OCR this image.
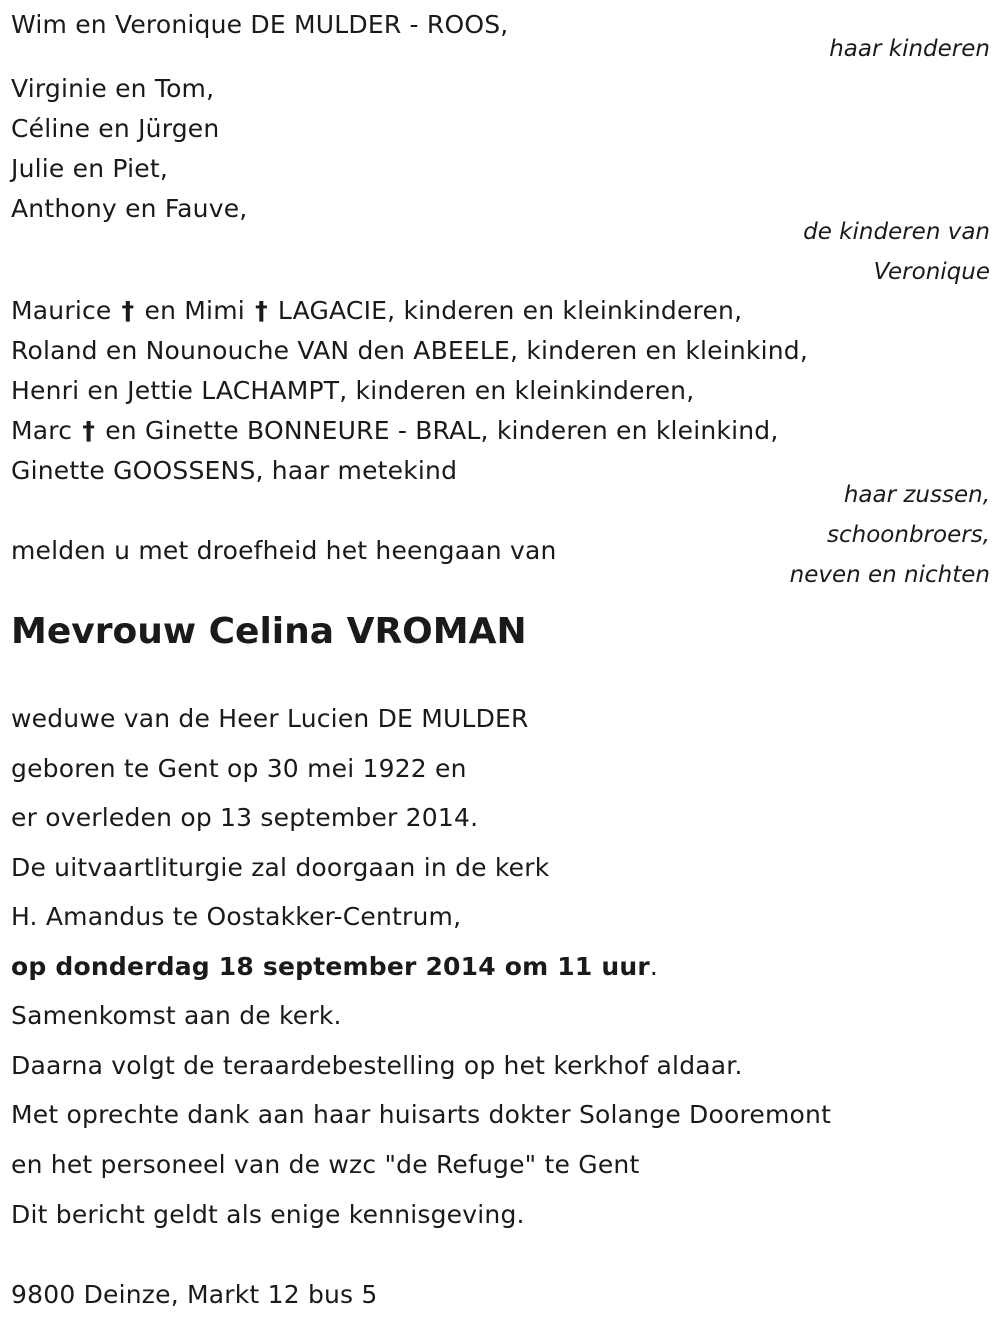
Wim en Veronique DE MULDER - ROOS,
haar kinderen
Virginie en Tom,
Céline en Jürgen
Julie en Piet,
Anthony en Fauve,
de kinderen van
Veronique
Maurice † en Mimi † LAGACIE, kinderen en kleinkinderen,
Roland en Nounouche VAN den ABEELE, kinderen en kleinkind,
Henri en Jettie LACHAMPT, kinderen en kleinkinderen,
Marc † en Ginette BONNEURE - BRAL, kinderen en kleinkind,
Ginette GOOSSENS, haar metekind
haar zussen,
schoonbroers,
neven en nichten
melden u met droefheid het heengaan van
Mevrouw Celina VROMAN
weduwe van de Heer Lucien DE MULDER
geboren te Gent op 30 mei 1922 en
er overleden op 13 september 2014.
De uitvaartliturgie zal doorgaan in de kerk
H. Amandus te Oostakker-Centrum,
op donderdag 18 september 2014 om 11 uur.
Samenkomst aan de kerk.
Daarna volgt de teraardebestelling op het kerkhof aldaar.
Met oprechte dank aan haar huisarts dokter Solange Dooremont
en het personeel van de wzc "de Refuge" te Gent
Dit bericht geldt als enige kennisgeving.
9800 Deinze, Markt 12 bus 5
